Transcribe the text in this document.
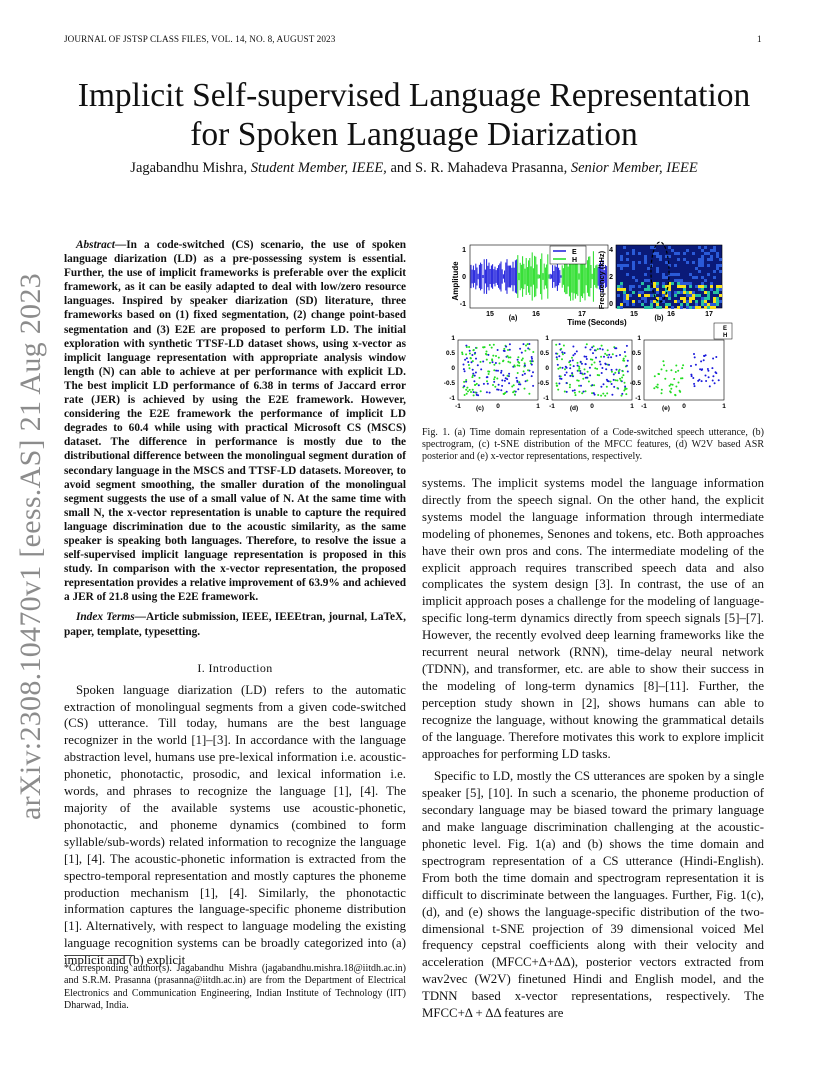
JOURNAL OF JSTSP CLASS FILES, VOL. 14, NO. 8, AUGUST 2023	1
arXiv:2308.10470v1 [eess.AS] 21 Aug 2023
Implicit Self-supervised Language Representation
for Spoken Language Diarization
Jagabandhu Mishra, Student Member, IEEE, and S. R. Mahadeva Prasanna, Senior Member, IEEE

Abstract—In a code-switched (CS) scenario, the use of spoken language diarization (LD) as a pre-possessing system is essential. Further, the use of implicit frameworks is preferable over the explicit framework, as it can be easily adapted to deal with low/zero resource languages. Inspired by speaker diarization (SD) literature, three frameworks based on (1) fixed segmentation, (2) change point-based segmentation and (3) E2E are proposed to perform LD. The initial exploration with synthetic TTSF-LD dataset shows, using x-vector as implicit language representation with appropriate analysis window length (N) can able to achieve at per performance with explicit LD. The best implicit LD performance of 6.38 in terms of Jaccard error rate (JER) is achieved by using the E2E framework. However, considering the E2E framework the performance of implicit LD degrades to 60.4 while using with practical Microsoft CS (MSCS) dataset. The difference in performance is mostly due to the distributional difference between the monolingual segment duration of secondary language in the MSCS and TTSF-LD datasets. Moreover, to avoid segment smoothing, the smaller duration of the monolingual segment suggests the use of a small value of N. At the same time with small N, the x-vector representation is unable to capture the required language discrimination due to the acoustic similarity, as the same speaker is speaking both languages. Therefore, to resolve the issue a self-supervised implicit language representation is proposed in this study. In comparison with the x-vector representation, the proposed representation provides a relative improvement of 63.9% and achieved a JER of 21.8 using the E2E framework.

Index Terms—Article submission, IEEE, IEEEtran, journal, LaTeX, paper, template, typesetting.

I. Introduction

Spoken language diarization (LD) refers to the automatic extraction of monolingual segments from a given code-switched (CS) utterance. Till today, humans are the best language recognizer in the world [1]–[3]. In accordance with the language abstraction level, humans use pre-lexical information i.e. acoustic-phonetic, phonotactic, prosodic, and lexical information i.e. words, and phrases to recognize the language [1], [4]. The majority of the available systems use acoustic-phonetic, phonotactic, and phoneme dynamics (combined to form syllable/sub-words) related information to recognize the language [1], [4]. The acoustic-phonetic information is extracted from the spectro-temporal representation and mostly captures the phoneme production mechanism [1], [4]. Similarly, the phonotactic information captures the language-specific phoneme distribution [1]. Alternatively, with respect to language modeling the existing language recognition systems can be broadly categorized into (a) implicit and (b) explicit

*Corresponding author(s). Jagabandhu Mishra (jagabandhu.mishra.18@iitdh.ac.in) and S.R.M. Prasanna (prasanna@iitdh.ac.in) are from the Department of Electrical Electronics and Communication Engineering, Indian Institute of Technology (IIT) Dharwad, India.
Amplitude
1
0
-1
E
H
15	16	17
(a)
Frequency (kHz)
4
2
0
15	16	17
(b)
Time (Seconds)
1
0.5
0
-0.5
-1
-1	0	1
(c)
1
0.5
0
-0.5
-1
-1	0	1
(d)
1
0.5
0
-0.5
-1
-1	0	1
(e)
E
H
Fig. 1. (a) Time domain representation of a Code-switched speech utterance, (b) spectrogram, (c) t-SNE distribution of the MFCC features, (d) W2V based ASR posterior and (e) x-vector representations, respectively.

systems. The implicit systems model the language information directly from the speech signal. On the other hand, the explicit systems model the language information through intermediate modeling of phonemes, Senones and tokens, etc. Both approaches have their own pros and cons. The intermediate modeling of the explicit approach requires transcribed speech data and also complicates the system design [3]. In contrast, the use of an implicit approach poses a challenge for the modeling of language-specific long-term dynamics directly from speech signals [5]–[7]. However, the recently evolved deep learning frameworks like the recurrent neural network (RNN), time-delay neural network (TDNN), and transformer, etc. are able to show their success in the modeling of long-term dynamics [8]–[11]. Further, the perception study shown in [2], shows humans can able to recognize the language, without knowing the grammatical details of the language. Therefore motivates this work to explore implicit approaches for performing LD tasks.

Specific to LD, mostly the CS utterances are spoken by a single speaker [5], [10]. In such a scenario, the phoneme production of secondary language may be biased toward the primary language and make language discrimination challenging at the acoustic-phonetic level. Fig. 1(a) and (b) shows the time domain and spectrogram representation of a CS utterance (Hindi-English). From both the time domain and spectrogram representation it is difficult to discriminate between the languages. Further, Fig. 1(c), (d), and (e) shows the language-specific distribution of the two-dimensional t-SNE projection of 39 dimensional voiced Mel frequency cepstral coefficients along with their velocity and acceleration (MFCC+Δ+ΔΔ), posterior vectors extracted from wav2vec (W2V) finetuned Hindi and English model, and the TDNN based x-vector representations, respectively. The MFCC+Δ + ΔΔ features are
